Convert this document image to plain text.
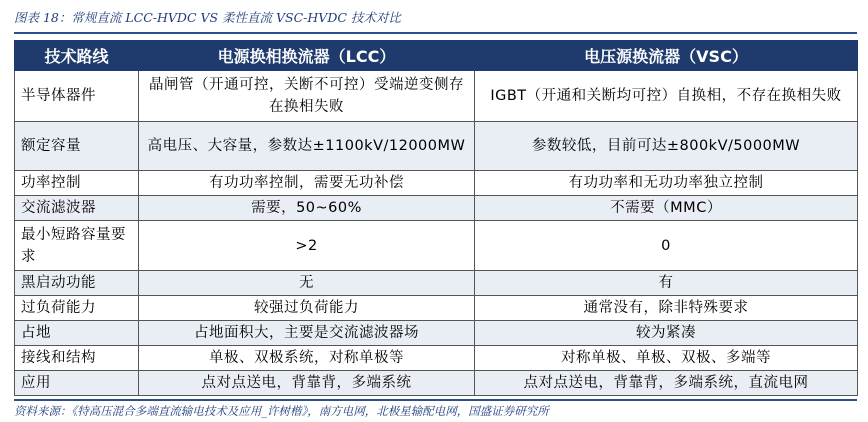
图表 18：常规直流 LCC-HVDC VS 柔性直流 VSC-HVDC 技术对比
技术路线	电源换相换流器（LCC）	电压源换流器（VSC）
半导体器件	晶闸管（开通可控，关断不可控）受端逆变侧存在换相失败	IGBT（开通和关断均可控）自换相，不存在换相失败
额定容量	高电压、大容量，参数达±1100kV/12000MW	参数较低，目前可达±800kV/5000MW
功率控制	有功功率控制，需要无功补偿	有功功率和无功功率独立控制
交流滤波器	需要，50~60%	不需要（MMC）
最小短路容量要求	>2	0
黑启动功能	无	有
过负荷能力	较强过负荷能力	通常没有，除非特殊要求
占地	占地面积大，主要是交流滤波器场	较为紧凑
接线和结构	单极、双极系统，对称单极等	对称单极、单极、双极、多端等
应用	点对点送电，背靠背，多端系统	点对点送电，背靠背，多端系统，直流电网
资料来源：《特高压混合多端直流输电技术及应用_许树楷》，南方电网，北极星输配电网，国盛证券研究所
